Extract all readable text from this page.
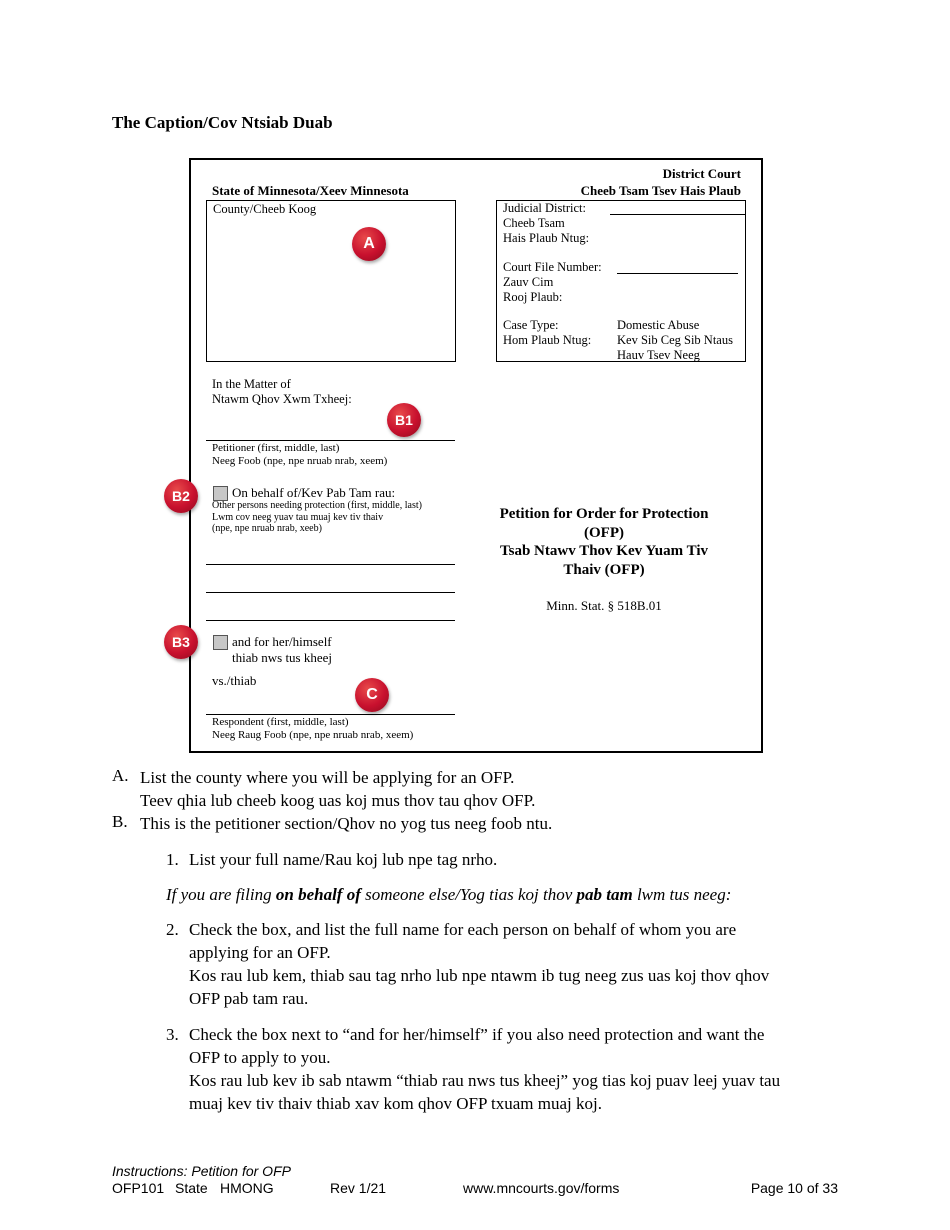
The Caption/Cov Ntsiab Duab
District Court
Cheeb Tsam Tsev Hais Plaub
State of Minnesota/Xeev Minnesota
County/Cheeb Koog	Judicial District:
Cheeb Tsam
Hais Plaub Ntug:
Court File Number:
Zauv Cim
Rooj Plaub:
Case Type:
Hom Plaub Ntug:
Domestic Abuse
Kev Sib Ceg Sib Ntaus
Hauv Tsev Neeg
In the Matter of
Ntawm Qhov Xwm Txheej:
Petitioner (first, middle, last)
Neeg Foob (npe, npe nruab nrab, xeem)
On behalf of/Kev Pab Tam rau:
Other persons needing protection (first, middle, last)
Lwm cov neeg yuav tau muaj kev tiv thaiv
(npe, npe nruab nrab, xeeb)
and for her/himself
thiab nws tus kheej
vs./thiab
Respondent (first, middle, last)
Neeg Raug Foob (npe, npe nruab nrab, xeem)
Petition for Order for Protection
(OFP)
Tsab Ntawv Thov Kev Yuam Tiv
Thaiv (OFP)
Minn. Stat. § 518B.01
A
B1
B2
B3
C
A. List the county where you will be applying for an OFP.
Teev qhia lub cheeb koog uas koj mus thov tau qhov OFP.
B. This is the petitioner section/Qhov no yog tus neeg foob ntu.
1. List your full name/Rau koj lub npe tag nrho.
If you are filing on behalf of someone else/Yog tias koj thov pab tam lwm tus neeg:
2. Check the box, and list the full name for each person on behalf of whom you are
applying for an OFP.
Kos rau lub kem, thiab sau tag nrho lub npe ntawm ib tug neeg zus uas koj thov qhov
OFP pab tam rau.
3. Check the box next to “and for her/himself” if you also need protection and want the
OFP to apply to you.
Kos rau lub kev ib sab ntawm “thiab rau nws tus kheej” yog tias koj puav leej yuav tau
muaj kev tiv thaiv thiab xav kom qhov OFP txuam muaj koj.
Instructions: Petition for OFP
OFP101 State HMONG	Rev 1/21	www.mncourts.gov/forms	Page 10 of 33
